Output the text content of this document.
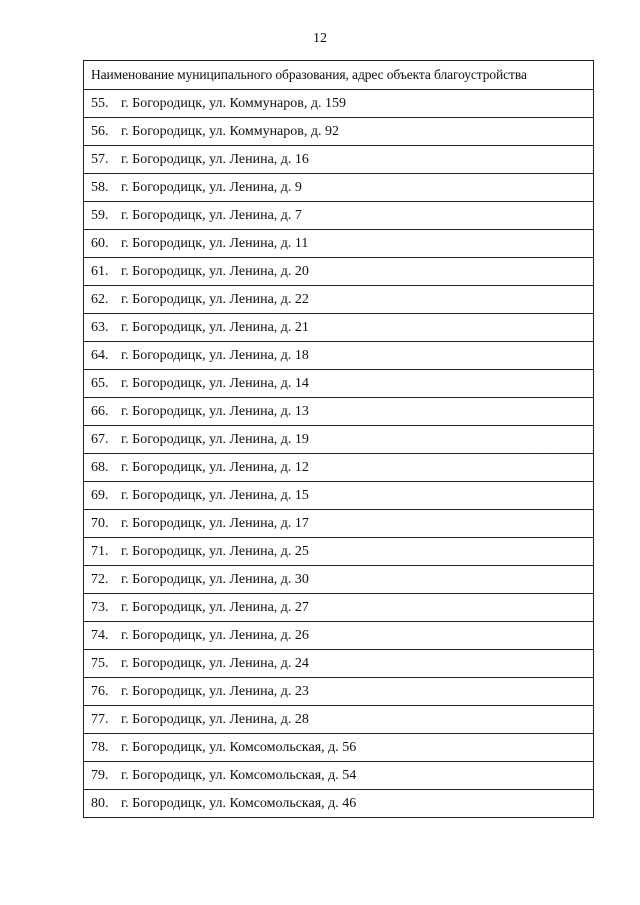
12
Наименование муниципального образования, адрес объекта благоустройства
55. г. Богородицк, ул. Коммунаров, д. 159
56. г. Богородицк, ул. Коммунаров, д. 92
57. г. Богородицк, ул. Ленина, д. 16
58. г. Богородицк, ул. Ленина, д. 9
59. г. Богородицк, ул. Ленина, д. 7
60. г. Богородицк, ул. Ленина, д. 11
61. г. Богородицк, ул. Ленина, д. 20
62. г. Богородицк, ул. Ленина, д. 22
63. г. Богородицк, ул. Ленина, д. 21
64. г. Богородицк, ул. Ленина, д. 18
65. г. Богородицк, ул. Ленина, д. 14
66. г. Богородицк, ул. Ленина, д. 13
67. г. Богородицк, ул. Ленина, д. 19
68. г. Богородицк, ул. Ленина, д. 12
69. г. Богородицк, ул. Ленина, д. 15
70. г. Богородицк, ул. Ленина, д. 17
71. г. Богородицк, ул. Ленина, д. 25
72. г. Богородицк, ул. Ленина, д. 30
73. г. Богородицк, ул. Ленина, д. 27
74. г. Богородицк, ул. Ленина, д. 26
75. г. Богородицк, ул. Ленина, д. 24
76. г. Богородицк, ул. Ленина, д. 23
77. г. Богородицк, ул. Ленина, д. 28
78. г. Богородицк, ул. Комсомольская, д. 56
79. г. Богородицк, ул. Комсомольская, д. 54
80. г. Богородицк, ул. Комсомольская, д. 46
· · ·
